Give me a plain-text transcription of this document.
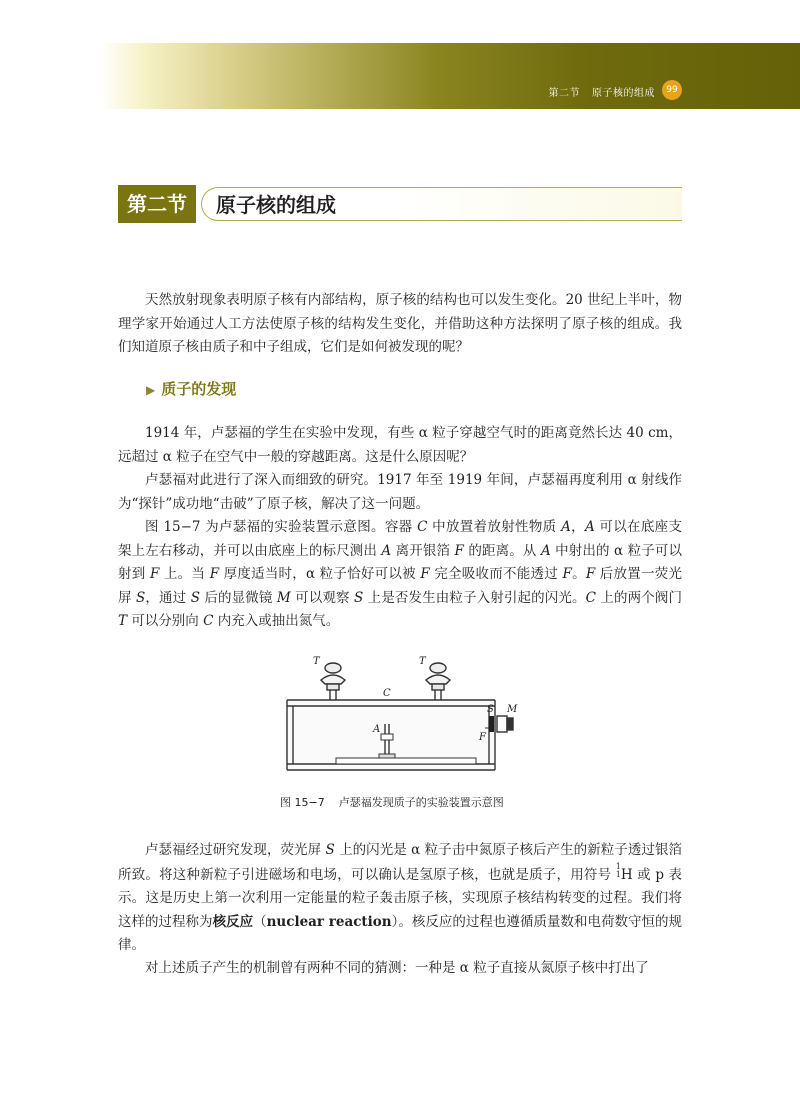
第二节 原子核的组成	99
第二节	原子核的组成

天然放射现象表明原子核有内部结构，原子核的结构也可以发生变化。20 世纪上半叶，物理学家开始通过人工方法使原子核的结构发生变化，并借助这种方法探明了原子核的组成。我们知道原子核由质子和中子组成，它们是如何被发现的呢？

▶ 质子的发现

1914 年，卢瑟福的学生在实验中发现，有些 α 粒子穿越空气时的距离竟然长达 40 cm，远超过 α 粒子在空气中一般的穿越距离。这是什么原因呢？

卢瑟福对此进行了深入而细致的研究。1917 年至 1919 年间，卢瑟福再度利用 α 射线作为“探针”成功地“击破”了原子核，解决了这一问题。

图 15−7 为卢瑟福的实验装置示意图。容器 C 中放置着放射性物质 A，A 可以在底座支架上左右移动，并可以由底座上的标尺测出 A 离开银箔 F 的距离。从 A 中射出的 α 粒子可以射到 F 上。当 F 厚度适当时，α 粒子恰好可以被 F 完全吸收而不能透过 F。F 后放置一荧光屏 S，通过 S 后的显微镜 M 可以观察 S 上是否发生由粒子入射引起的闪光。C 上的两个阀门 T 可以分别向 C 内充入或抽出氮气。

T	T
C
A
S
F
M
图 15−7 卢瑟福发现质子的实验装置示意图

卢瑟福经过研究发现，荧光屏 S 上的闪光是 α 粒子击中氮原子核后产生的新粒子透过银箔所致。将这种新粒子引进磁场和电场，可以确认是氢原子核，也就是质子，用符号 1
1H 或 p 表示。这是历史上第一次利用一定能量的粒子轰击原子核，实现原子核结构转变的过程。我们将这样的过程称为核反应（nuclear reaction）。核反应的过程也遵循质量数和电荷数守恒的规律。

对上述质子产生的机制曾有两种不同的猜测：一种是 α 粒子直接从氮原子核中打出了
